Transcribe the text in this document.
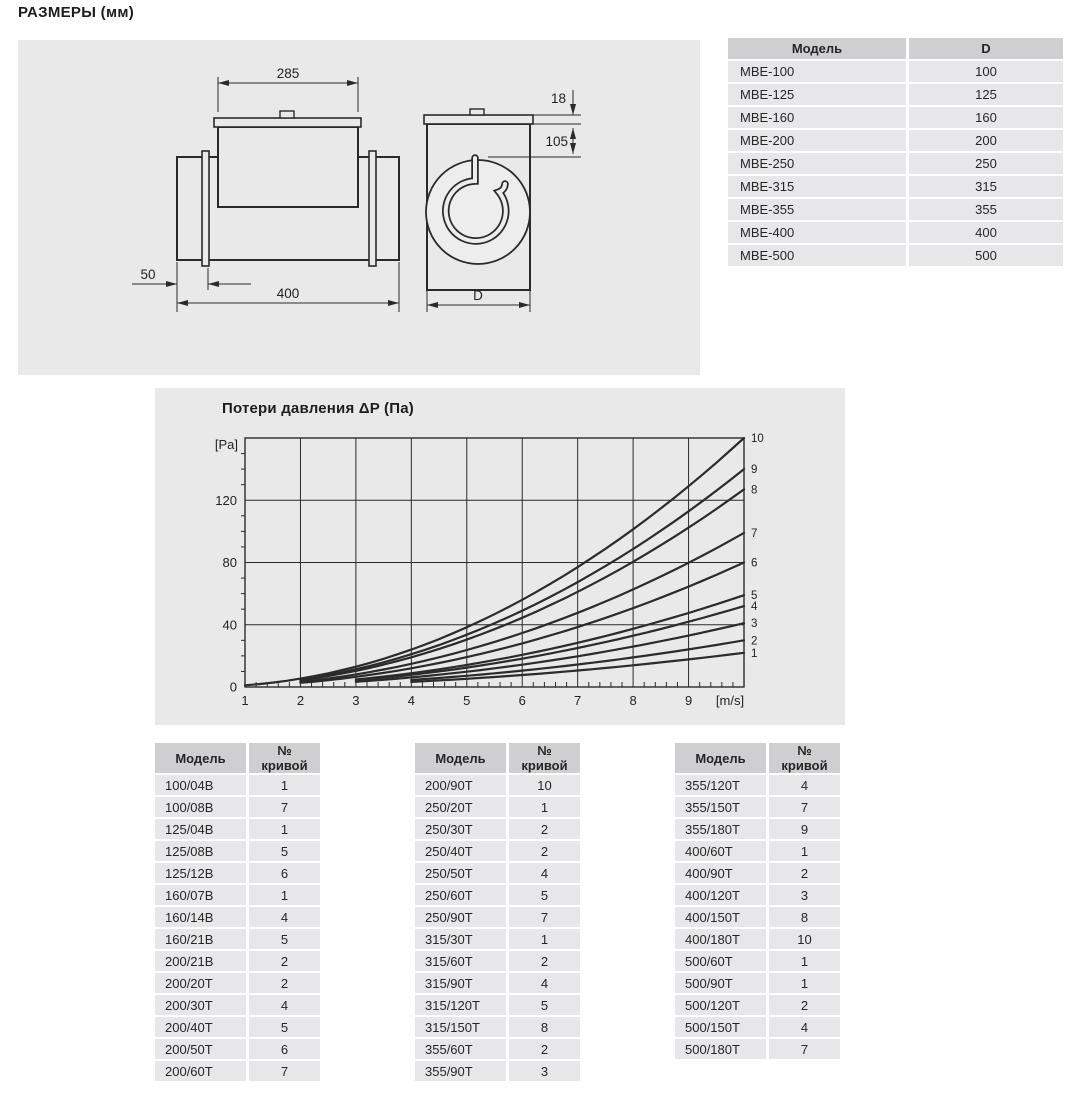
РАЗМЕРЫ (мм)
285
400
50
18
105
D
Модель	D
МВЕ-100	100
МВЕ-125	125
МВЕ-160	160
МВЕ-200	200
МВЕ-250	250
МВЕ-315	315
МВЕ-355	355
МВЕ-400	400
МВЕ-500	500
Потери давления ΔP (Па)
1	2	3	4	5	6	7	8	9 [m/s]
0
40
80
120
[Pa]
1
2
3
4
5
6
7
8
9
10
Модель	№ кривой
100/04B	1
100/08B	7
125/04B	1
125/08B	5
125/12B	6
160/07B	1
160/14B	4
160/21B	5
200/21B	2
200/20T	2
200/30T	4
200/40T	5
200/50T	6
200/60T	7
Модель	№ кривой
200/90T	10
250/20T	1
250/30T	2
250/40T	2
250/50T	4
250/60T	5
250/90T	7
315/30T	1
315/60T	2
315/90T	4
315/120T	5
315/150T	8
355/60T	2
355/90T	3
Модель	№ кривой
355/120T	4
355/150T	7
355/180T	9
400/60T	1
400/90T	2
400/120T	3
400/150T	8
400/180T	10
500/60T	1
500/90T	1
500/120T	2
500/150T	4
500/180T	7
